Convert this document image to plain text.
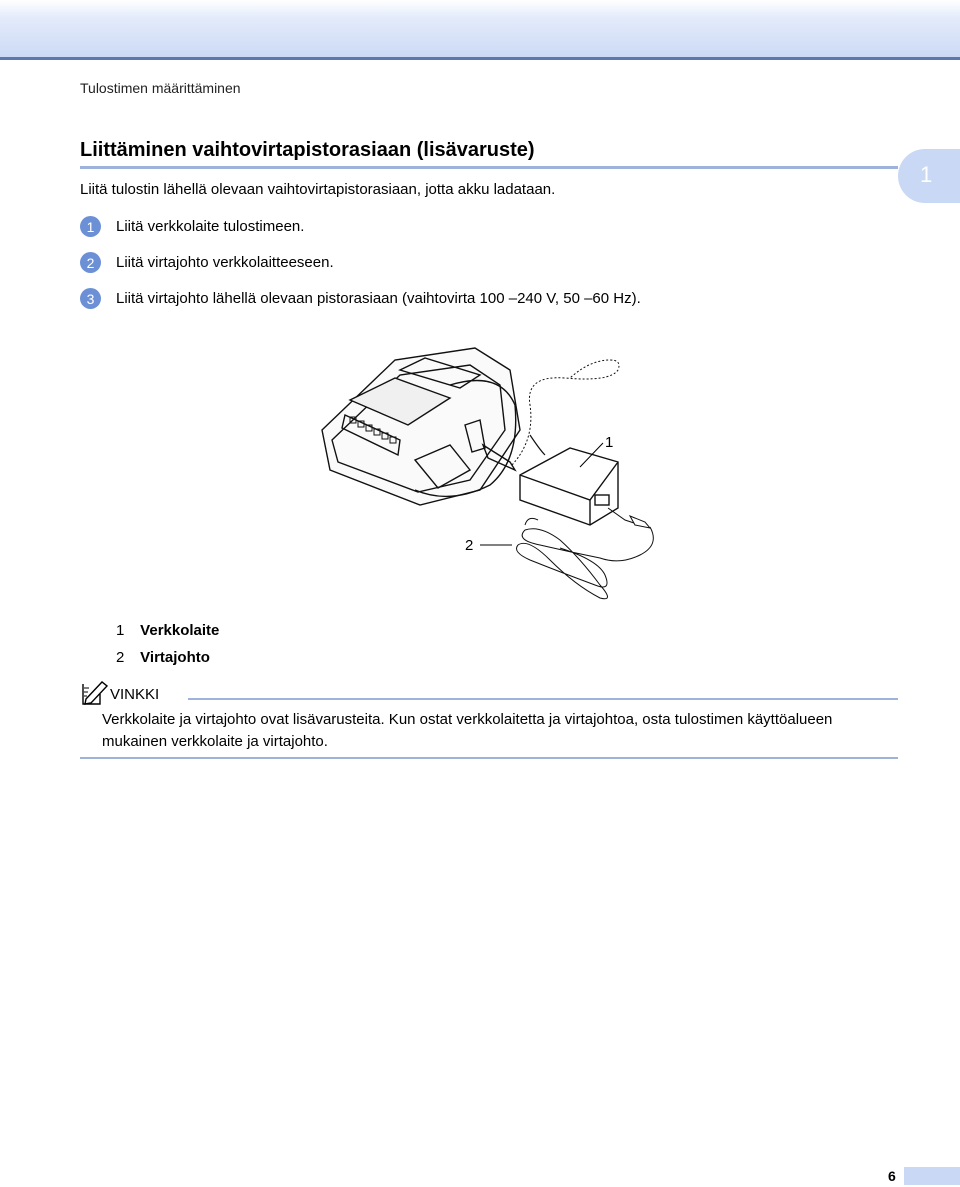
Tulostimen määrittäminen
Liittäminen vaihtovirtapistorasiaan (lisävaruste)
1
Liitä tulostin lähellä olevaan vaihtovirtapistorasiaan, jotta akku ladataan.
1	Liitä verkkolaite tulostimeen.
2	Liitä virtajohto verkkolaitteeseen.
3	Liitä virtajohto lähellä olevaan pistorasiaan (vaihtovirta 100 –240 V, 50 –60 Hz).
1
2
1 Verkkolaite
2 Virtajohto
VINKKI
Verkkolaite ja virtajohto ovat lisävarusteita. Kun ostat verkkolaitetta ja virtajohtoa, osta tulostimen käyttöalueen mukainen verkkolaite ja virtajohto.
6
